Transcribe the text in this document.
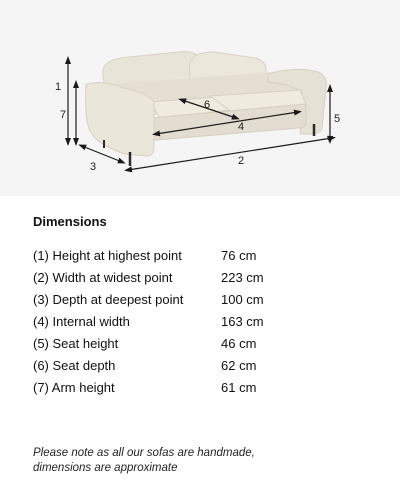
1
2
3
4
5
6
7
Dimensions
(1) Height at highest point	76 cm
(2) Width at widest point	223 cm
(3) Depth at deepest point	100 cm
(4) Internal width	163 cm
(5) Seat height	46 cm
(6) Seat depth	62 cm
(7) Arm height	61 cm

Please note as all our sofas are handmade,
dimensions are approximate
